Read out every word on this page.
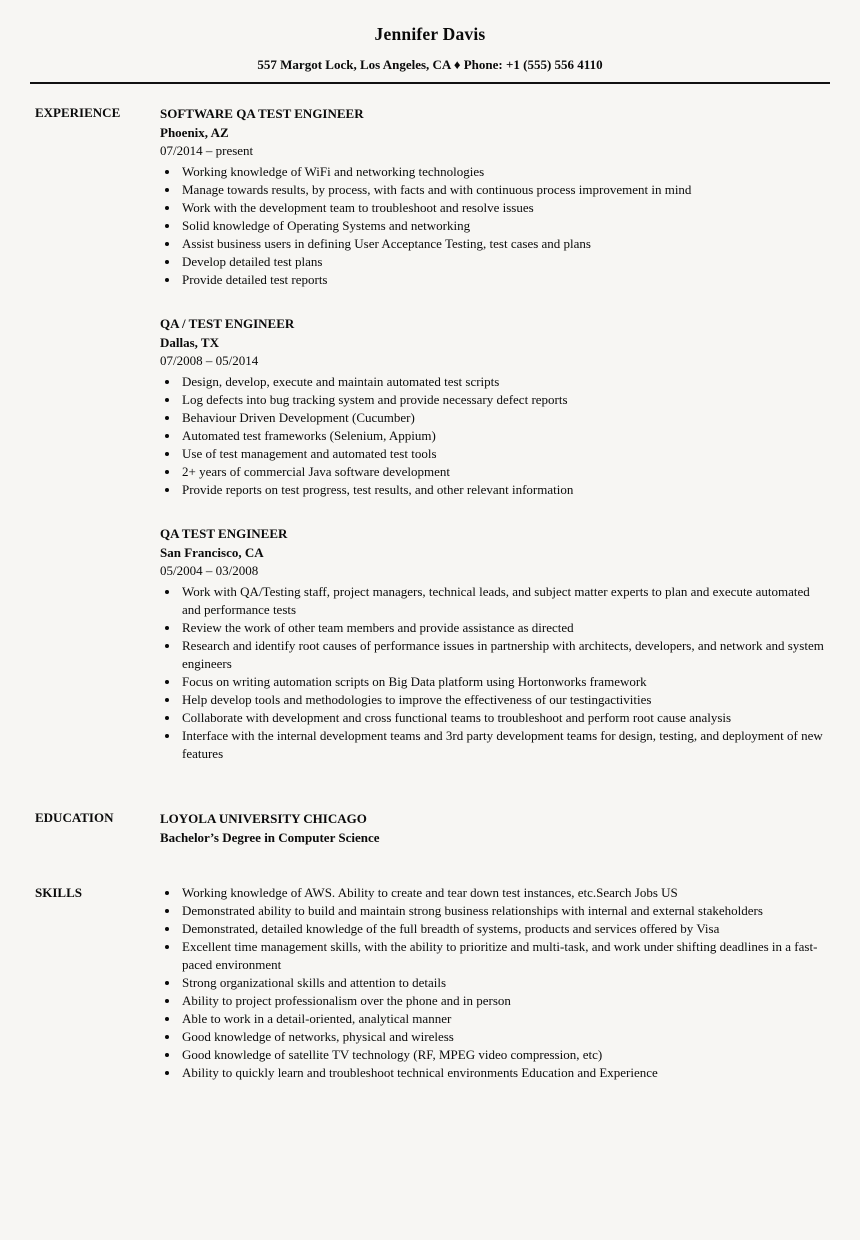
Jennifer Davis
557 Margot Lock, Los Angeles, CA ♦ Phone: +1 (555) 556 4110
EXPERIENCE	SOFTWARE QA TEST ENGINEER
Phoenix, AZ
07/2014 – present
• Working knowledge of WiFi and networking technologies
• Manage towards results, by process, with facts and with continuous process improvement in mind
• Work with the development team to troubleshoot and resolve issues
• Solid knowledge of Operating Systems and networking
• Assist business users in defining User Acceptance Testing, test cases and plans
• Develop detailed test plans
• Provide detailed test reports
QA / TEST ENGINEER
Dallas, TX
07/2008 – 05/2014
• Design, develop, execute and maintain automated test scripts
• Log defects into bug tracking system and provide necessary defect reports
• Behaviour Driven Development (Cucumber)
• Automated test frameworks (Selenium, Appium)
• Use of test management and automated test tools
• 2+ years of commercial Java software development
• Provide reports on test progress, test results, and other relevant information
QA TEST ENGINEER
San Francisco, CA
05/2004 – 03/2008
• Work with QA/Testing staff, project managers, technical leads, and subject matter experts to plan and execute automated and performance tests
• Review the work of other team members and provide assistance as directed
• Research and identify root causes of performance issues in partnership with architects, developers, and network and system engineers
• Focus on writing automation scripts on Big Data platform using Hortonworks framework
• Help develop tools and methodologies to improve the effectiveness of our testingactivities
• Collaborate with development and cross functional teams to troubleshoot and perform root cause analysis
• Interface with the internal development teams and 3rd party development teams for design, testing, and deployment of new features
EDUCATION	LOYOLA UNIVERSITY CHICAGO
Bachelor’s Degree in Computer Science
SKILLS	• Working knowledge of AWS. Ability to create and tear down test instances, etc.Search Jobs US
• Demonstrated ability to build and maintain strong business relationships with internal and external stakeholders
• Demonstrated, detailed knowledge of the full breadth of systems, products and services offered by Visa
• Excellent time management skills, with the ability to prioritize and multi-task, and work under shifting deadlines in a fast-paced environment
• Strong organizational skills and attention to details
• Ability to project professionalism over the phone and in person
• Able to work in a detail-oriented, analytical manner
• Good knowledge of networks, physical and wireless
• Good knowledge of satellite TV technology (RF, MPEG video compression, etc)
• Ability to quickly learn and troubleshoot technical environments Education and Experience
